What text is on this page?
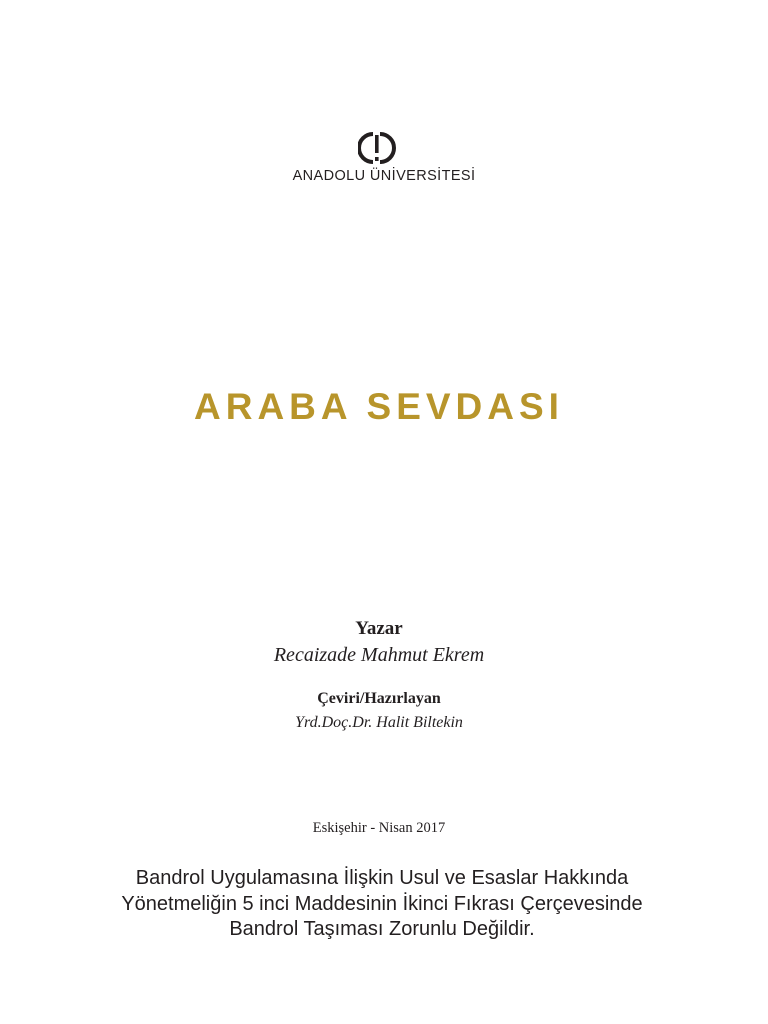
ANADOLU ÜNİVERSİTESİ
ARABA SEVDASI
Yazar
Recaizade Mahmut Ekrem
Çeviri/Hazırlayan
Yrd.Doç.Dr. Halit Biltekin
Eskişehir - Nisan 2017
Bandrol Uygulamasına İlişkin Usul ve Esaslar Hakkında
Yönetmeliğin 5 inci Maddesinin İkinci Fıkrası Çerçevesinde
Bandrol Taşıması Zorunlu Değildir.
